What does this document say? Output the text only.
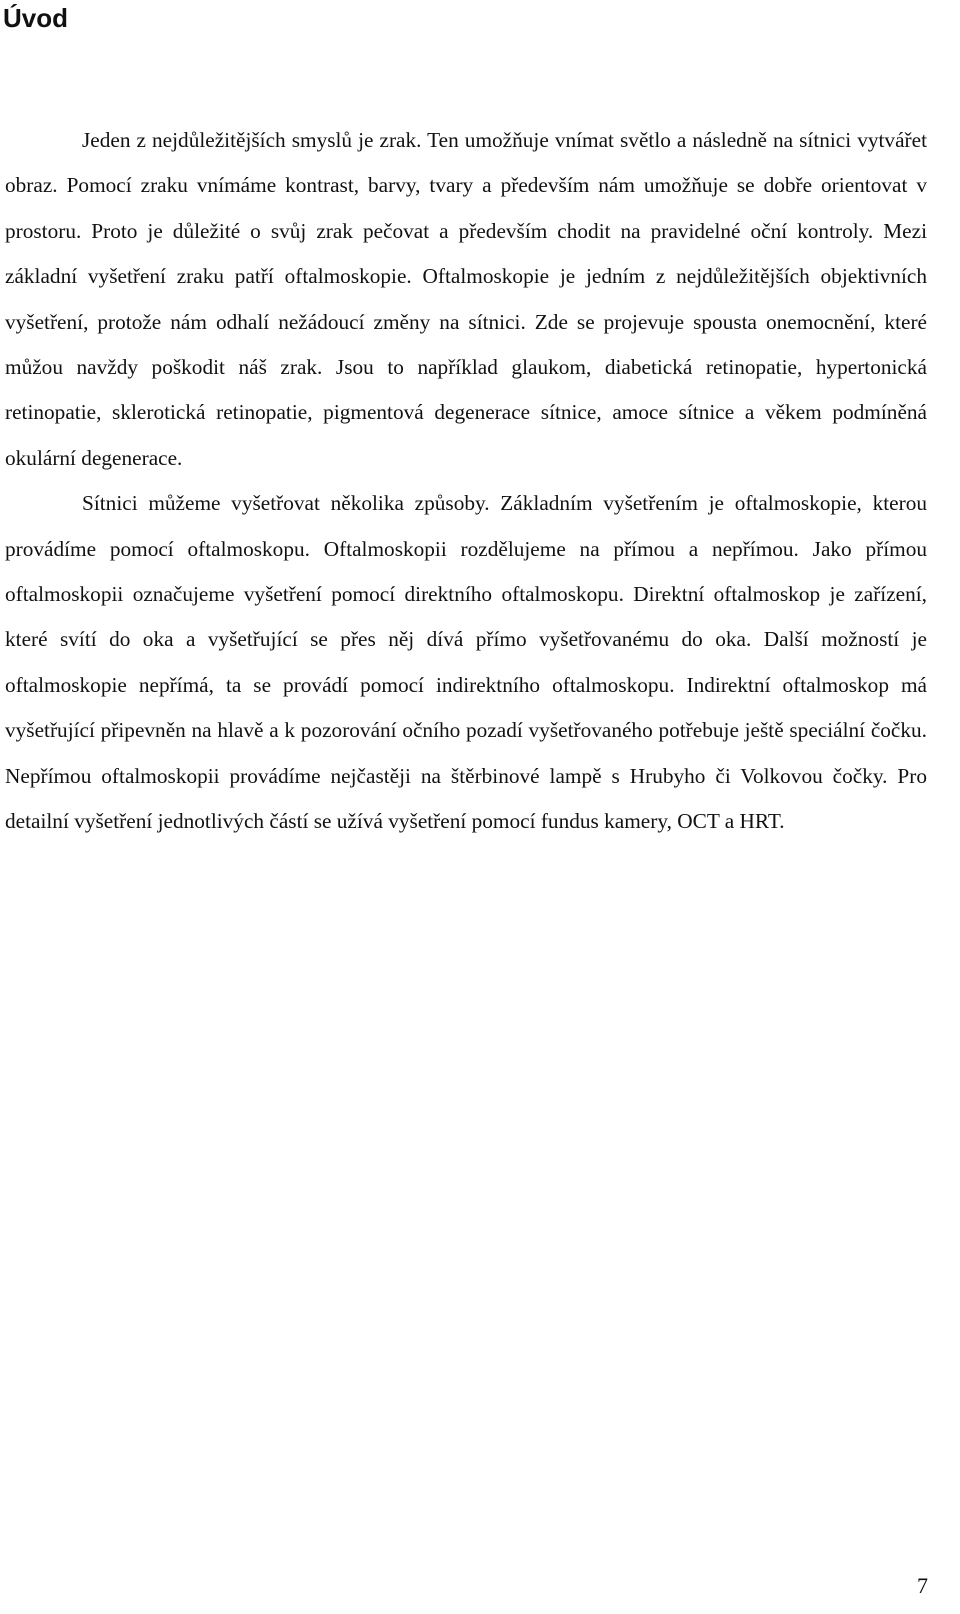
Úvod

Jeden z nejdůležitějších smyslů je zrak. Ten umožňuje vnímat světlo a následně na sítnici vytvářet obraz. Pomocí zraku vnímáme kontrast, barvy, tvary a především nám umožňuje se dobře orientovat v prostoru. Proto je důležité o svůj zrak pečovat a především chodit na pravidelné oční kontroly. Mezi základní vyšetření zraku patří oftalmoskopie. Oftalmoskopie je jedním z nejdůležitějších objektivních vyšetření, protože nám odhalí nežádoucí změny na sítnici. Zde se projevuje spousta onemocnění, které můžou navždy poškodit náš zrak. Jsou to například glaukom, diabetická retinopatie, hypertonická retinopatie, sklerotická retinopatie, pigmentová degenerace sítnice, amoce sítnice a věkem podmíněná okulární degenerace.

Sítnici můžeme vyšetřovat několika způsoby. Základním vyšetřením je oftalmoskopie, kterou provádíme pomocí oftalmoskopu. Oftalmoskopii rozdělujeme na přímou a nepřímou. Jako přímou oftalmoskopii označujeme vyšetření pomocí direktního oftalmoskopu. Direktní oftalmoskop je zařízení, které svítí do oka a vyšetřující se přes něj dívá přímo vyšetřovanému do oka. Další možností je oftalmoskopie nepřímá, ta se provádí pomocí indirektního oftalmoskopu. Indirektní oftalmoskop má vyšetřující připevněn na hlavě a k pozorování očního pozadí vyšetřovaného potřebuje ještě speciální čočku. Nepřímou oftalmoskopii provádíme nejčastěji na štěrbinové lampě s Hrubyho či Volkovou čočky. Pro detailní vyšetření jednotlivých částí se užívá vyšetření pomocí fundus kamery, OCT a HRT.

7
